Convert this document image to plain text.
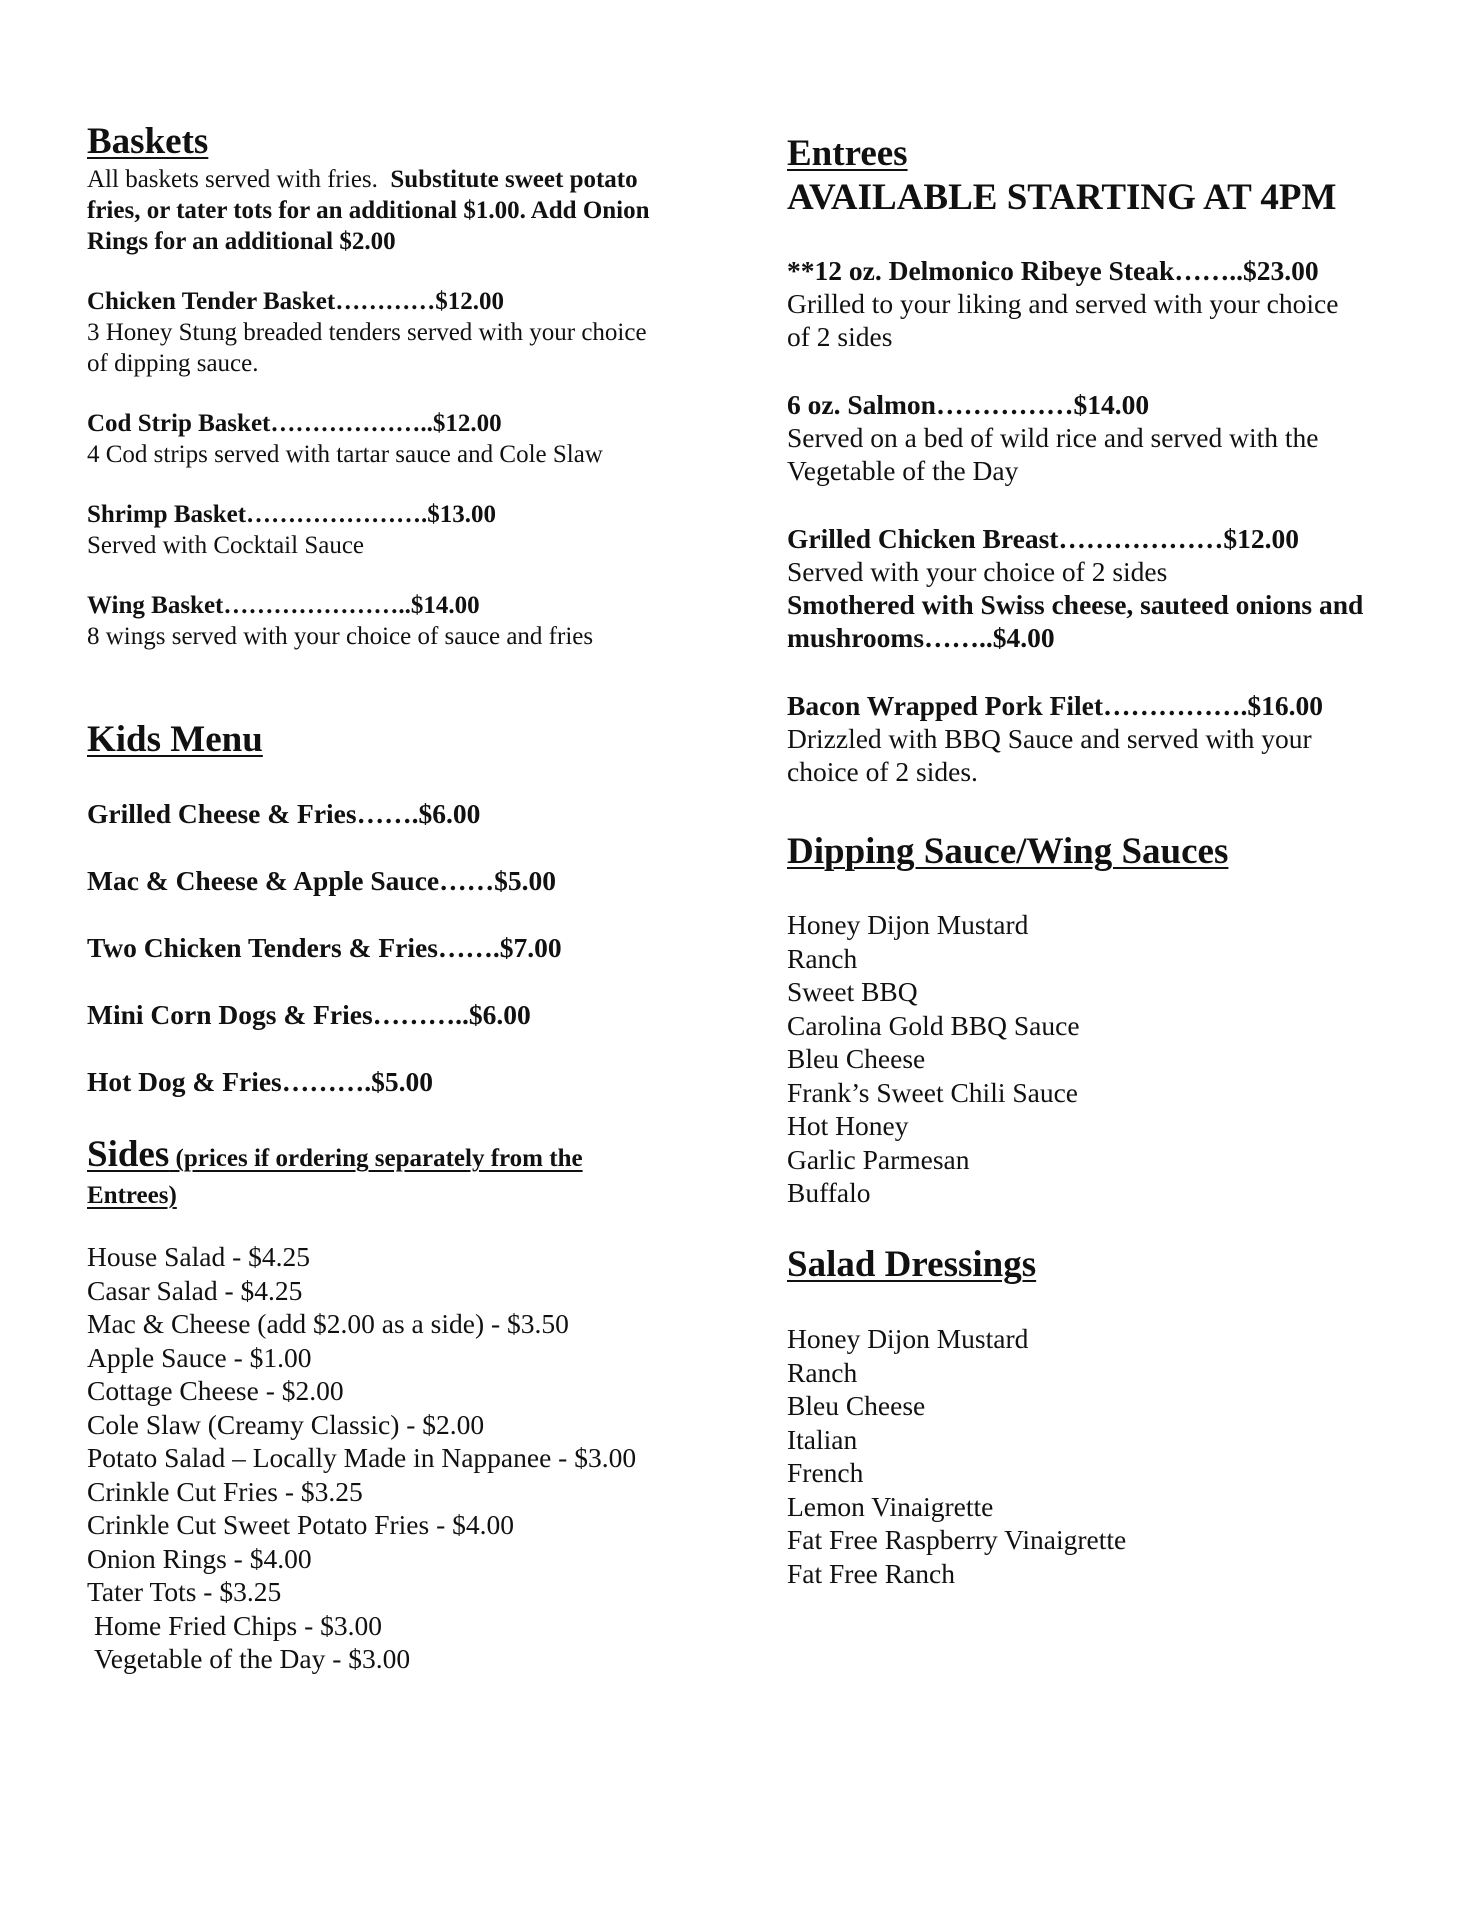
Baskets
All baskets served with fries.  Substitute sweet potato
fries, or tater tots for an additional $1.00. Add Onion
Rings for an additional $2.00
Chicken Tender Basket…………$12.00
3 Honey Stung breaded tenders served with your choice
of dipping sauce.
Cod Strip Basket………………..$12.00
4 Cod strips served with tartar sauce and Cole Slaw
Shrimp Basket………………….$13.00
Served with Cocktail Sauce
Wing Basket…………………..$14.00
8 wings served with your choice of sauce and fries
Kids Menu
Grilled Cheese & Fries…….$6.00
Mac & Cheese & Apple Sauce……$5.00
Two Chicken Tenders & Fries…….$7.00
Mini Corn Dogs & Fries………..$6.00
Hot Dog & Fries……….$5.00
Sides (prices if ordering separately from the
Entrees)
House Salad - $4.25
Casar Salad - $4.25
Mac & Cheese (add $2.00 as a side) - $3.50
Apple Sauce - $1.00
Cottage Cheese - $2.00
Cole Slaw (Creamy Classic) - $2.00
Potato Salad – Locally Made in Nappanee - $3.00
Crinkle Cut Fries - $3.25
Crinkle Cut Sweet Potato Fries - $4.00
Onion Rings - $4.00
Tater Tots - $3.25
Home Fried Chips - $3.00
Vegetable of the Day - $3.00
Entrees
AVAILABLE STARTING AT 4PM
**12 oz. Delmonico Ribeye Steak……..$23.00
Grilled to your liking and served with your choice
of 2 sides
6 oz. Salmon……………$14.00
Served on a bed of wild rice and served with the
Vegetable of the Day
Grilled Chicken Breast………………$12.00
Served with your choice of 2 sides
Smothered with Swiss cheese, sauteed onions and
mushrooms……..$4.00
Bacon Wrapped Pork Filet…………….$16.00
Drizzled with BBQ Sauce and served with your
choice of 2 sides.
Dipping Sauce/Wing Sauces
Honey Dijon Mustard
Ranch
Sweet BBQ
Carolina Gold BBQ Sauce
Bleu Cheese
Frank’s Sweet Chili Sauce
Hot Honey
Garlic Parmesan
Buffalo
Salad Dressings
Honey Dijon Mustard
Ranch
Bleu Cheese
Italian
French
Lemon Vinaigrette
Fat Free Raspberry Vinaigrette
Fat Free Ranch
